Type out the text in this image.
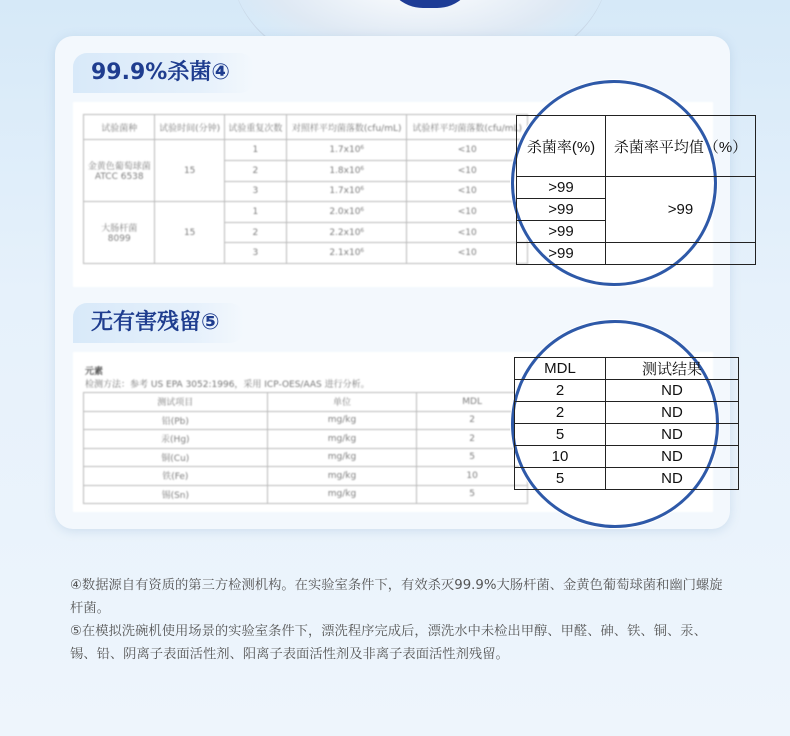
99.9%杀菌④
试验菌种	试验时间(分钟)	试验重复次数	对照样平均菌落数(cfu/mL)	试验样平均菌落数(cfu/mL)
金黄色葡萄球菌
ATCC 6538	15	1	1.7x10⁶	<10
		2	1.8x10⁶	<10
		3	1.7x10⁶	<10
大肠杆菌
8099	15	1	2.0x10⁶	<10
		2	2.2x10⁶	<10
		3	2.1x10⁶	<10
杀菌率(%)	杀菌率平均值（%）
>99	>99
>99	
>99	
>99	
无有害残留⑤
元素
检测方法：参考 US EPA 3052:1996，采用 ICP-OES/AAS 进行分析。
测试项目	单位	MDL
铅(Pb)	mg/kg	2
汞(Hg)	mg/kg	2
铜(Cu)	mg/kg	5
铁(Fe)	mg/kg	10
锡(Sn)	mg/kg	5
MDL	测试结果
2	ND
2	ND
5	ND
10	ND
5	ND

④数据源自有资质的第三方检测机构。在实验室条件下，有效杀灭99.9%大肠杆菌、金黄色葡萄球菌和幽门螺旋杆菌。

⑤在模拟洗碗机使用场景的实验室条件下，漂洗程序完成后，漂洗水中未检出甲醇、甲醛、砷、铁、铜、汞、锡、铅、阴离子表面活性剂、阳离子表面活性剂及非离子表面活性剂残留。
